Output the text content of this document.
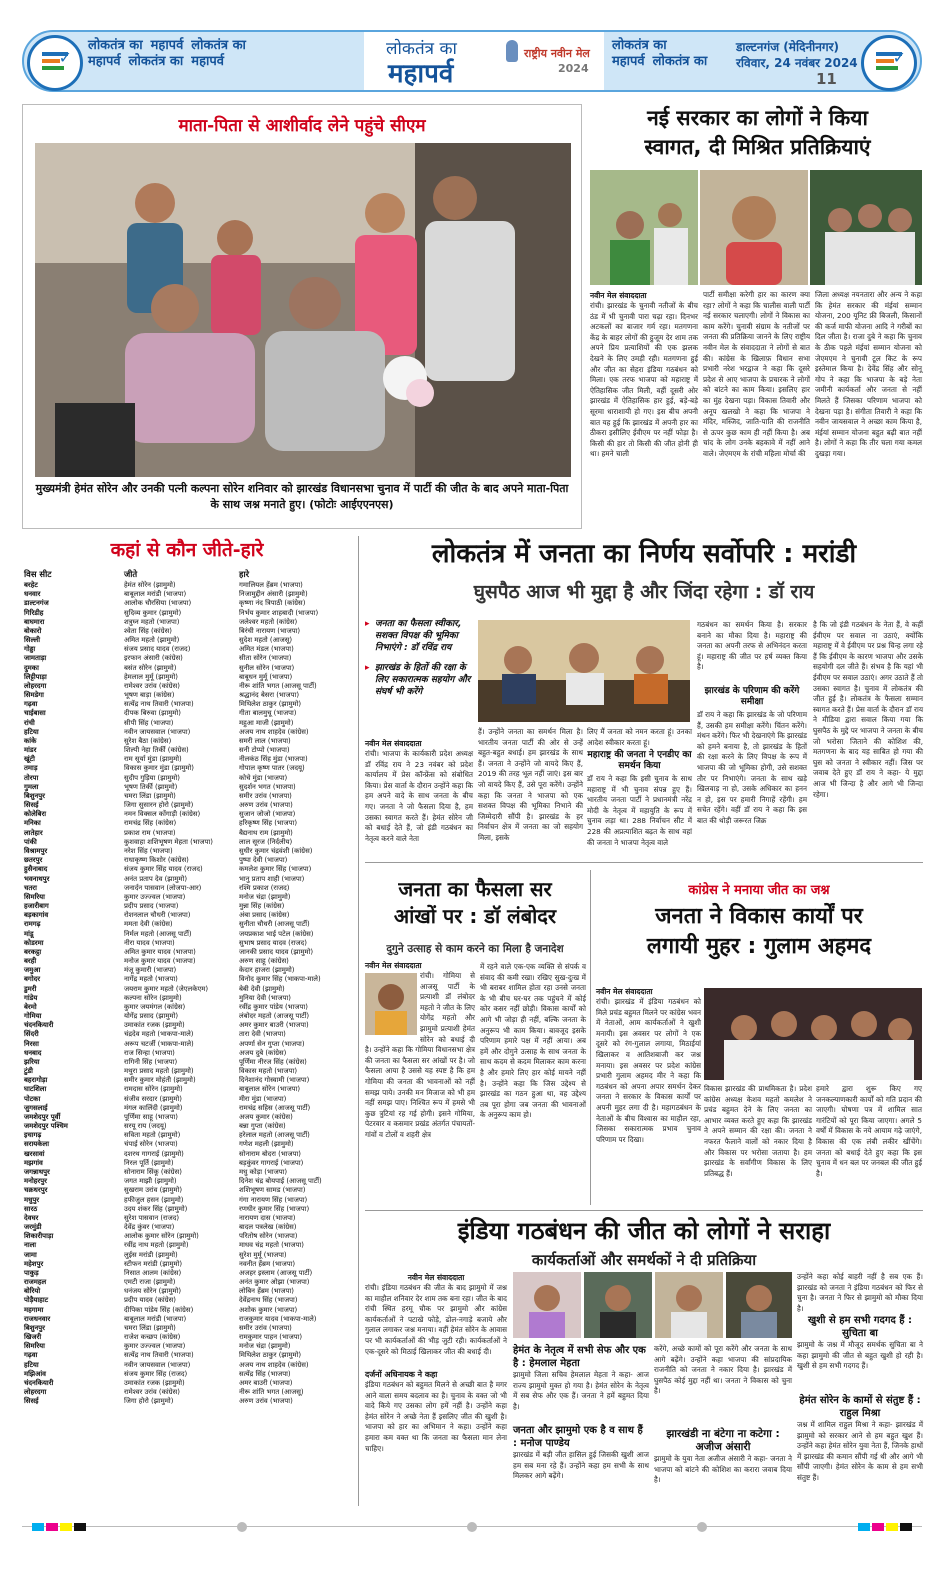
✓
लोकतंत्र का महापर्व लोकतंत्र का
महापर्व लोकतंत्र का महापर्व
लोकतंत्र का
महापर्व
राष्ट्रीय नवीन मेल
2024
लोकतंत्र का
महापर्व लोकतंत्र का
डाल्टनगंज (मेदिनीनगर)
रविवार, 24 नवंबर 2024
11
✓
माता-पिता से आशीर्वाद लेने पहुंचे सीएम
मुख्यमंत्री हेमंत सोरेन और उनकी पत्नी कल्पना सोरेन शनिवार को झारखंड विधानसभा चुनाव में पार्टी की जीत के बाद अपने माता-पिता के साथ जश्न मनाते हुए। (फोटोः आईएएनएस)
नई सरकार का लोगों ने किया
स्वागत, दी मिश्रित प्रतिक्रियाएं
नवीन मेल संवाददाता
रांची। झारखंड के चुनावी नतीजों के बीच ठंड में भी चुनावी पारा चढ़ा रहा। दिनभर अटकलों का बाजार गर्म रहा। मतगणना केंद्र के बाहर लोगों की हुजूम देर शाम तक अपने प्रिय प्रत्याशियों की एक झलक देखने के लिए उमड़ी रही। मतगणना हुई और जीत का सेहरा इंडिया गठबंधन को मिला। एक तरफ भाजपा को महाराष्ट्र में ऐतिहासिक जीत मिली, वहीं दूसरी ओर झारखंड में ऐतिहासिक हार हुई, बड़े-बड़े सूरमा धाराशायी हो गए। इस बीच अपनी बात यह हुई कि झारखंड में अपनी हार का ठीकरा इसीलिए ईवीएम पर नहीं फोड़ा है। किसी की हार तो किसी की जीत होनी ही था। हमने चाली
पार्टी समीक्षा करेगी हार का कारण क्या रहा? लोगों ने कहा कि चालीस वाली पार्टी नई सरकार चलाएगी। लोगों ने विकास का काम करेंगे। चुनावी संग्राम के नतीजों पर जनता की प्रतिक्रिया जानने के लिए राष्ट्रीय नवीन मेल के संवाददाता ने लोगों से बात की। कांग्रेस के खिलाफ़ विधान सभा प्रभारी नरेश भरद्वाज ने कहा कि दूसरे प्रदेश से आए भाजपा के प्रचारक ने लोगों को बांटने का काम किया। इसलिए हार का मुंह देखना पड़ा। विकास तिवारी और अनूप खलखो ने कहा कि भाजपा ने मंदिर, मस्जिद, जाति-पाति की राजनीति से ऊपर कुछ काम ही नहीं किया है। अब चांद के लोग उनके बहकावे में नहीं आने वाले। जेएमएम के रांची महिला मोर्चा की
जिला अध्यक्ष नयनतारा और अन्य ने कहा कि हेमंत सरकार की मंईयां सम्मान योजना, 200 यूनिट फ्री बिजली, किसानों की कर्ज माफी योजना आदि ने गरीबों का दिल जीता है। राजा दुबे ने कहा कि चुनाव के ठीक पहले मंईयां सम्मान योजना को जेएमएम ने चुनावी टूल किट के रूप इस्तेमाल किया है। देवेंद्र सिंह और सोनू गोप ने कहा कि भाजपा के बड़े नेता जमीनी कार्यकर्ता और जनता से नहीं मिलते हैं जिसका परिणाम भाजपा को देखना पड़ा है। संगीता तिवारी ने कहा कि नवीन जायसवाल ने अच्छा काम किया है, मंईयां सम्मान योजना बहुत बढ़ी बात नहीं है। लोगों ने कहा कि तीर चला गया कमल दुखड़ा गया।
कहां से कौन जीते-हारे
विस सीट	जीते	हारे
बरहेट	हेमंत सोरेन (झामुमो)	गमालियल हेंब्रम (भाजपा)
धनवार	बाबूलाल मरांडी (भाजपा)	निजामुद्दीन अंसारी (झामुमो)
डाल्टनगंज	आलोक चौरसिया (भाजपा)	कृष्णा नंद त्रिपाठी (कांग्रेस)
गिरिडीह	सुदिव्य कुमार (झामुमो)	निर्भय कुमार शाहबादी (भाजपा)
बाघमारा	शत्रुघ्न महतो (भाजपा)	जलेश्वर महतो (कांग्रेस)
बोकारो	श्वेता सिंह (कांग्रेस)	बिरंची नारायण (भाजपा)
सिल्ली	अमित महतो (झामुमो)	सुदेश महतो (आजसू)
गोड्डा	संजय प्रसाद यादव (राजद)	अमित मंडल (भाजपा)
जामताड़ा	इरफान अंसारी (कांग्रेस)	सीता सोरेन (भाजपा)
दुमका	बसंत सोरेन (झामुमो)	सुनील सोरेन (भाजपा)
लिट्टीपाड़ा	हेमलाल मुर्मू (झामुमो)	बाबूधन मुर्मू (भाजपा)
लोहरदगा	रामेश्वर उरांव (कांग्रेस)	नीरू शांति भगत (आजसू पार्टी)
सिमडेगा	भूषण बाड़ा (कांग्रेस)	श्रद्धानंद बेसरा (भाजपा)
गढ़वा	सत्येंद्र नाथ तिवारी (भाजपा)	मिथिलेश ठाकुर (झामुमो)
चाईबासा	दीपक बिरुवा (झामुमो)	गीता बालमुचू (भाजपा)
रांची	सीपी सिंह (भाजपा)	महुआ माजी (झामुमो)
हटिया	नवीन जायसवाल (भाजपा)	अजय नाथ शाहदेव (कांग्रेस)
कांके	सुरेश बैठा (कांग्रेस)	समरी लाल (भाजपा)
मांडर	शिल्पी नेहा तिर्की (कांग्रेस)	सनी टोप्पो (भाजपा)
खूंटी	राम सूर्या मुंडा (झामुमो)	नीलकंठ सिंह मुंडा (भाजपा)
तमाड़	विकास कुमार मुंडा (झामुमो)	गोपाल कृष्ण पातर (जदयू)
तोरपा	सुदीप गुड़िया (झामुमो)	कोचे मुंडा (भाजपा)
गुमला	भूषण तिर्की (झामुमो)	सुदर्शन भगत (भाजपा)
बिशुनपुर	चमरा लिंडा (झामुमो)	समीर उरांव (भाजपा)
सिसई	जिगा सुसारन होरो (झामुमो)	अरुण उरांव (भाजपा)
कोलेबिरा	नमन विक्सल कोंगाड़ी (कांग्रेस)	सुजान जोजो (भाजपा)
मनिका	रामचंद्र सिंह (कांग्रेस)	हरिकृष्ण सिंह (भाजपा)
लातेहार	प्रकाश राम (भाजपा)	बैद्यनाथ राम (झामुमो)
पांकी	कुशवाहा शशिभूषण मेहता (भाजपा)	लाल सूरज (निर्दलीय)
विश्रामपुर	नरेश सिंह (भाजपा)	सुधीर कुमार चंद्रवंशी (कांग्रेस)
छतरपुर	राधाकृष्ण किशोर (कांग्रेस)	पुष्पा देवी (भाजपा)
हुसैनाबाद	संजय कुमार सिंह यादव (राजद)	कमलेश कुमार सिंह (भाजपा)
भवनाथपुर	अनंत प्रताप देव (झामुमो)	भानु प्रताप शाही (भाजपा)
चतरा	जनार्दन पासवान (लोजपा-आर)	रश्मि प्रकाश (राजद)
सिमरिया	कुमार उज्ज्वल (भाजपा)	मनोज चंद्रा (झामुमो)
हजारीबाग	प्रदीप प्रसाद (भाजपा)	मुन्ना सिंह (कांग्रेस)
बड़कागांव	रोशनलाल चौधरी (भाजपा)	अंबा प्रसाद (कांग्रेस)
रामगढ़	ममता देवी (कांग्रेस)	सुनीता चौधरी (आजसू पार्टी)
मांडू	निर्मल महतो (आजसू पार्टी)	जयप्रकाश भाई पटेल (कांग्रेस)
कोडरमा	नीरा यादव (भाजपा)	सुभाष प्रसाद यादव (राजद)
बरकट्ठा	अमित कुमार यादव (भाजपा)	जानकी प्रसाद यादव (झामुमो)
बरही	मनोज कुमार यादव (भाजपा)	अरुण साहू (कांग्रेस)
जमुआ	मंजू कुमारी (भाजपा)	केदार हाजरा (झामुमो)
बगोदर	नागेंद्र महतो (भाजपा)	विनोद कुमार सिंह (भाकपा-माले)
डुमरी	जयराम कुमार महतो (जेएलकेएम)	बेबी देवी (झामुमो)
गांडेय	कल्पना सोरेन (झामुमो)	मुनिया देवी (भाजपा)
बेरमो	कुमार जयमंगल (कांग्रेस)	रवींद्र कुमार पांडेय (भाजपा)
गोमिया	योगेंद्र प्रसाद (झामुमो)	लंबोदर महतो (आजसू पार्टी)
चंदनकियारी	उमाकांत रजक (झामुमो)	अमर कुमार बाउरी (भाजपा)
सिंदरी	चंद्रदेव महतो (भाकपा-माले)	तारा देवी (भाजपा)
निरसा	अरूप चटर्जी (भाकपा-माले)	अपर्णा सेन गुप्ता (भाजपा)
धनबाद	राज सिन्हा (भाजपा)	अजय दुबे (कांग्रेस)
झरिया	रागिनी सिंह (भाजपा)	पूर्णिमा नीरज सिंह (कांग्रेस)
टुंडी	मथुरा प्रसाद महतो (झामुमो)	विकास महतो (भाजपा)
बहरागोड़ा	समीर कुमार मोहंती (झामुमो)	दिनेशानंद गोस्वामी (भाजपा)
घाटशिला	रामदास सोरेन (झामुमो)	बाबूलाल सोरेन (भाजपा)
पोटका	संजीव सरदार (झामुमो)	मीरा मुंडा (भाजपा)
जुगसलाई	मंगल कालिंदी (झामुमो)	रामचंद्र सहिस (आजसू पार्टी)
जमशेदपुर पूर्वी	पूर्णिमा साहू (भाजपा)	अजय कुमार (कांग्रेस)
जमशेदपुर पश्चिम	सरयू राय (जदयू)	बन्ना गुप्ता (कांग्रेस)
इचागढ़	सविता महतो (झामुमो)	हरेलाल महतो (आजसू पार्टी)
सरायकेला	चंपाई सोरेन (भाजपा)	गणेश महली (झामुमो)
खरसावां	दशरथ गागराई (झामुमो)	सोनाराम बोदरा (भाजपा)
मझगांव	निरल पूर्ति (झामुमो)	बड़कुंवर गागराई (भाजपा)
जगन्नाथपुर	सोनाराम सिंकू (कांग्रेस)	मधु कोड़ा (भाजपा)
मनोहरपुर	जगत माझी (झामुमो)	दिनेश चंद्र बोयपाई (आजसू पार्टी)
चक्रधरपुर	सुखराम उरांव (झामुमो)	शशिभूषण सामड (भाजपा)
मधुपुर	हफीजुल हसन (झामुमो)	गंगा नारायण सिंह (भाजपा)
सारठ	उदय शंकर सिंह (झामुमो)	रणधीर कुमार सिंह (भाजपा)
देवघर	सुरेश पासवान (राजद)	नारायण दास (भाजपा)
जरमुंडी	देवेंद्र कुंवर (भाजपा)	बादल पत्रलेख (कांग्रेस)
शिकारीपाड़ा	आलोक कुमार सोरेन (झामुमो)	परितोष सोरेन (भाजपा)
नाला	रवींद्र नाथ महतो (झामुमो)	माधव चंद्र महतो (भाजपा)
जामा	लुईस मरांडी (झामुमो)	सुरेश मुर्मू (भाजपा)
महेशपुर	स्टीफन मरांडी (झामुमो)	नवनीत हेंब्रम (भाजपा)
पाकुड़	निसात आलम (कांग्रेस)	अजहर इस्लाम (आजसू पार्टी)
राजमहल	एमटी राजा (झामुमो)	अनंत कुमार ओझा (भाजपा)
बोरियो	धनंजय सोरेन (झामुमो)	लोबिन हेंब्रम (भाजपा)
पोड़ैयाहाट	प्रदीप यादव (कांग्रेस)	देवेंद्रनाथ सिंह (भाजपा)
महगामा	दीपिका पांडेय सिंह (कांग्रेस)	अशोक कुमार (भाजपा)
राजधनवार	बाबूलाल मरांडी (भाजपा)	राजकुमार यादव (भाकपा-माले)
बिशुनपुर	चमरा लिंडा (झामुमो)	समीर उरांव (भाजपा)
खिजरी	राजेश कच्छप (कांग्रेस)	रामकुमार पाहन (भाजपा)
सिमरिया	कुमार उज्ज्वल (भाजपा)	मनोज चंद्रा (झामुमो)
गढ़वा	सत्येंद्र नाथ तिवारी (भाजपा)	मिथिलेश ठाकुर (झामुमो)
हटिया	नवीन जायसवाल (भाजपा)	अजय नाथ शाहदेव (कांग्रेस)
मझिआंव	संजय कुमार सिंह (राजद)	सत्येंद्र सिंह (भाजपा)
चंदनकियारी	उमाकांत रजक (झामुमो)	अमर बाउरी (भाजपा)
लोहरदगा	रामेश्वर उरांव (कांग्रेस)	नीरू शांति भगत (आजसू)
सिसई	जिगा होरो (झामुमो)	अरुण उरांव (भाजपा)
लोकतंत्र में जनता का निर्णय सर्वोपरि : मरांडी
घुसपैठ आज भी मुद्दा है और जिंदा रहेगा : डॉ राय
▸ जनता का फैसला स्वीकार, सशक्त विपक्ष की भूमिका निभाएंगे : डॉ रविंद्र राय
▸ झारखंड के हितों की रक्षा के लिए सकारात्मक सहयोग और संघर्ष भी करेंगे
नवीन मेल संवाददाता
रांची। भाजपा के कार्यकारी प्रदेश अध्यक्ष डॉ रविंद्र राय ने 23 नवंबर को प्रदेश कार्यालय में प्रेस कॉन्फ्रेंस को संबोधित किया। प्रेस वार्ता के दौरान उन्होंने कहा कि हम अपने वादे के साथ जनता के बीच गए। जनता ने जो फैसला दिया है, हम उसका स्वागत करते हैं। हेमंत सोरेन जी को बधाई देते हैं, जो इंडी गठबंधन का नेतृत्व करने वाले नेता
हैं। उन्होंने जनता का समर्थन मिला है। भारतीय जनता पार्टी की ओर से उन्हें बहुत-बहुत बधाई। हम झारखंड के साथ हैं। जनता ने उन्होंने जो वायदे किए हैं, 2019 की तरह भूल नहीं जाएं। इस बार जो वायदे किए हैं, उसे पूरा करेंगे। उन्होंने कहा कि जनता ने भाजपा को एक सशक्त विपक्ष की भूमिका निभाने की जिम्मेदारी सौंपी है। झारखंड के हर निर्वाचन क्षेत्र में जनता का जो सहयोग मिला, इसके
लिए मैं जनता को नमन करता हूं। उनका आदेश स्वीकार करता हूं।
महाराष्ट्र की जनता ने एनडीए का समर्थन किया
डॉ राय ने कहा कि इसी चुनाव के साथ महाराष्ट्र में भी चुनाव संपन्न हुए हैं। भारतीय जनता पार्टी ने प्रधानमंत्री नरेंद्र मोदी के नेतृत्व में महायुति के रूप में चुनाव लड़ा था। 288 निर्वाचन सीट में 228 की अप्रत्याशित बढ़त के साथ वहां की जनता ने भाजपा नेतृत्व वाले
गठबंधन का समर्थन किया है। सरकार बनाने का मौका दिया है। महाराष्ट्र की जनता का अपनी तरफ से अभिनंदन करता हूं। महाराष्ट्र की जीत पर हर्ष व्यक्त किया है।
झारखंड के परिणाम की करेंगे समीक्षा
डॉ राय ने कहा कि झारखंड के जो परिणाम हैं, उसकी हम समीक्षा करेंगे। चिंतन करेंगे। मंथन करेंगे। फिर भी देखनाएंगे कि झारखंड को हमने बनाया है, तो झारखंड के हितों की रक्षा करने के लिए विपक्ष के रूप में भाजपा की जो भूमिका होगी, उसे सशक्त तौर पर निभाएंगे। जनता के साथ खड़े खिलवाड़ ना हो, उसके अधिकार का हनन न हो, इस पर हमारी निगाहें रहेंगी। हम सचेत रहेंगे। वहीं डॉ राय ने कहा कि इस बात की थोड़ी जरूरत जिक्र
है कि जो इंडी गठबंधन के नेता हैं, वे कहीं ईवीएम पर सवाल ना उठाएं, क्योंकि महाराष्ट्र में वे ईवीएम पर प्रश्न चिन्ह लगा रहे हैं कि ईवीएम के कारण भाजपा और उसके सहयोगी दल जीते हैं। संभव है कि यहां भी ईवीएम पर सवाल उठाएं। अगर उठाते हैं तो उसका स्वागत है। चुनाव में लोकतंत्र की जीत हुई है। लोकतंत्र के फैसला सम्मान स्वागत करते हैं। प्रेस वार्ता के दौरान डॉ राय ने मीडिया द्वारा सवाल किया गया कि घुसपैठ के मुद्दे पर भाजपा ने जनता के बीच जो भरोसा जिताने की कोशिश की, मतगणना के बाद यह साबित हो गया की घुस को जनता ने स्वीकार नहीं। जिस पर जवाब देते हुए डॉ राय ने कहा- ये मुद्दा आज भी जिन्दा है और आगे भी जिन्दा रहेगा।
जनता का फैसला सर
आंखों पर : डॉ लंबोदर
दुगुने उत्साह से काम करने का मिला है जनादेश
नवीन मेल संवाददाता
रांची। गोमिया से आजसू पार्टी के प्रत्याशी डॉ लंबोदर महतो ने जीत के लिए योगेंद्र महतो और झामुमो प्रत्याशी हेमंत सोरेन को बधाई दी है। उन्होंने कहा कि गोमिया विधानसभा क्षेत्र की जनता का फैसला सर आंखों पर है। जो फैसला आया है उससे यह स्पष्ट है कि हम गोमिया की जनता की भावनाओं को नहीं समझ पाये। उनकी मन मिजाज को भी हम नहीं समझ पाए। निश्चित रूप में हमसे भी कुछ त्रुटियां रह गई होगी। इसने गोमिया, पेटरवार व कसमार प्रखंड अंतर्गत पंचायतों-गांवों व टोलों व शहरी क्षेत्र
में रहने वाले एक-एक व्यक्ति से संपर्क व संवाद की कमी रखा। रखिए सुख-दुःख में भी बराबर शामिल होता रहा उनसे जनता के भी बीच घर-घर तक पहुंचने में कोई कोर कसर नहीं छोड़ी। विकास कार्यों को आगे भी जोड़ा ही नहीं, बल्कि जनता के अनुरूप भी काम किया। बावजूद इसके परिणाम हमारे पक्ष में नहीं आया। अब हमें और दोगुने उत्साह के साथ जनता के साथ कदम से कदम मिलाकर काम करना है और हमारे लिए हार कोई मायने नहीं है। उन्होंने कहा कि जिस उद्देश्य से झारखंड का गठन हुआ था, वह उद्देश्य तब पूरा होगा जब जनता की भावनाओं के अनुरूप काम हो।
कांग्रेस ने मनाया जीत का जश्न
जनता ने विकास कार्यों पर
लगायी मुहर : गुलाम अहमद
नवीन मेल संवाददाता
रांची। झारखंड में इंडिया गठबंधन को मिले प्रचंड बहुमत मिलने पर कांग्रेस भवन में नेताओं, आम कार्यकर्ताओं ने खुशी मनायी। इस अवसर पर लोगों ने एक दूसरे को रंग-गुलाल लगाया, मिठाईयां खिलाकर व आतिशबाजी कर जश्न मनाया। इस अवसर पर प्रदेश कांग्रेस प्रभारी गुलाम अहमद मीर ने कहा कि गठबंधन को अपना अपार समर्थन देकर जनता ने सरकार के विकास कार्यों पर अपनी मुहर लगा दी है। महागठबंधन के नेताओं के बीच विश्वास का माहौल रहा, जिसका सकारात्मक प्रभाव चुनाव परिणाम पर दिखा।
विकास झारखंड की प्राथमिकता है। प्रदेश कांग्रेस अध्यक्ष केशव महतो कमलेश ने प्रचंड बहुमत देने के लिए जनता का आभार व्यक्त करते हुए कहा कि झारखंड ने अपने सम्मान की रक्षा की। जनता ने नफरत फैलाने वालों को नकार दिया है और विकास पर भरोसा जताया है। हम झारखंड के सर्वांगीण विकास के लिए प्रतिबद्ध हैं।
हमारे द्वारा शुरू किए गए जनकल्याणकारी कार्यों को गति प्रदान की जाएगी। घोषणा पत्र में शामिल सात गारंटियों को पूरा किया जाएगा। अगले 5 वर्षों में विकास के नये आयाम गढ़े जाएंगे, विकास की एक लंबी लकीर खींचेंगे। जनता को बधाई देते हुए कहा कि इस चुनाव में धन बल पर जनबल की जीत हुई है।
इंडिया गठबंधन की जीत को लोगों ने सराहा
कार्यकर्ताओं और समर्थकों ने दी प्रतिक्रिया
नवीन मेल संवाददाता
रांची। इंडिया गठबंधन की जीत के बाद झामुमो में जश्न का माहौल शनिवार देर शाम तक बना रहा। जीत के बाद रांची स्थित हरमू चौक पर झामुमो और कांग्रेस कार्यकर्ताओं ने पटाखे फोड़े, ढोल-नगाड़े बजाये और गुलाल लगाकर जश्न मनाया। वहीं हेमंत सोरेन के आवास पर भी कार्यकर्ताओं की भीड़ जुटी रही। कार्यकर्ताओं ने एक-दूसरे को मिठाई खिलाकर जीत की बधाई दी।
दर्जनों अधिनायक ने कहा
इंडिया गठबंधन को बहुमत मिलने से अच्छी बात है मगर आने वाला समय बदलाव का है। चुनाव के वक्त जो भी वादे किये गए उसका लोग हमें नहीं है। उन्होंने कहा हेमंत सोरेन ने अच्छे नेता हैं इसलिए जीत की खुशी है। भाजपा को हार का अभिमान ने कहा। उन्होंने कहा हमारा कम वक्त था कि जनता का फैसला मान लेना चाहिए।
हेमंत के नेतृत्व में सभी सेफ और एक है : हेमलाल मेहता
झामुमो जिला सचिव हेमलाल मेहता ने कहा- आज राज्य झामुमो मुक्त हो गया है। हेमंत सोरेन के नेतृत्व में सब सेफ और एक हैं। जनता ने हमें बहुमत दिया है।
जनता और झामुमो एक है व साथ हैं : मनोज पाण्डेय
झारखंड में बड़ी जीत हासिल हुई जिसकी खुशी आज हम सब मना रहे हैं। उन्होंने कहा हम सभी के साथ मिलकर आगे बढ़ेंगे।
करेंगे, अच्छे कामों को पूरा करेंगे और जनता के साथ आगे बढ़ेंगे। उन्होंने कहा भाजपा की सांप्रदायिक राजनीति को जनता ने नकार दिया है। झारखंड में घुसपैठ कोई मुद्दा नहीं था। जनता ने विकास को चुना है।
झारखंडी ना बंटेगा ना कटेगा : अजीज अंसारी
झामुमो के युवा नेता अजीज अंसारी ने कहा- जनता ने भाजपा को बांटने की कोशिश का करारा जवाब दिया है।
उन्होंने कहा कोई बाहरी नहीं है सब एक हैं। झारखंड को जनता ने इंडिया गठबंधन को फिर से चुना है। जनता ने फिर से झामुमो को मौका दिया है।
खुशी से हम सभी गदगद हैं : सुचिता बा
झामुमो के जश्न में मौजूद समर्थक सुचिता बा ने कहा झामुमो की जीत से बहुत खुशी हो रही है। खुशी से हम सभी गदगद हैं।
हेमंत सोरेन के कामों से संतुष्ट हैं : राहुल मिश्रा
जश्न में शामिल राहुल मिश्रा ने कहा- झारखंड में झामुमो को सरकार आने से हम बहुत खुश हैं। उन्होंने कहा हेमंत सोरेन युवा नेता हैं, जिनके हाथों में झारखंड की कमान सौंपी गई थी और आगे भी सौंपी जाएगी। हेमंत सोरेन के काम से हम सभी संतुष्ट हैं।
